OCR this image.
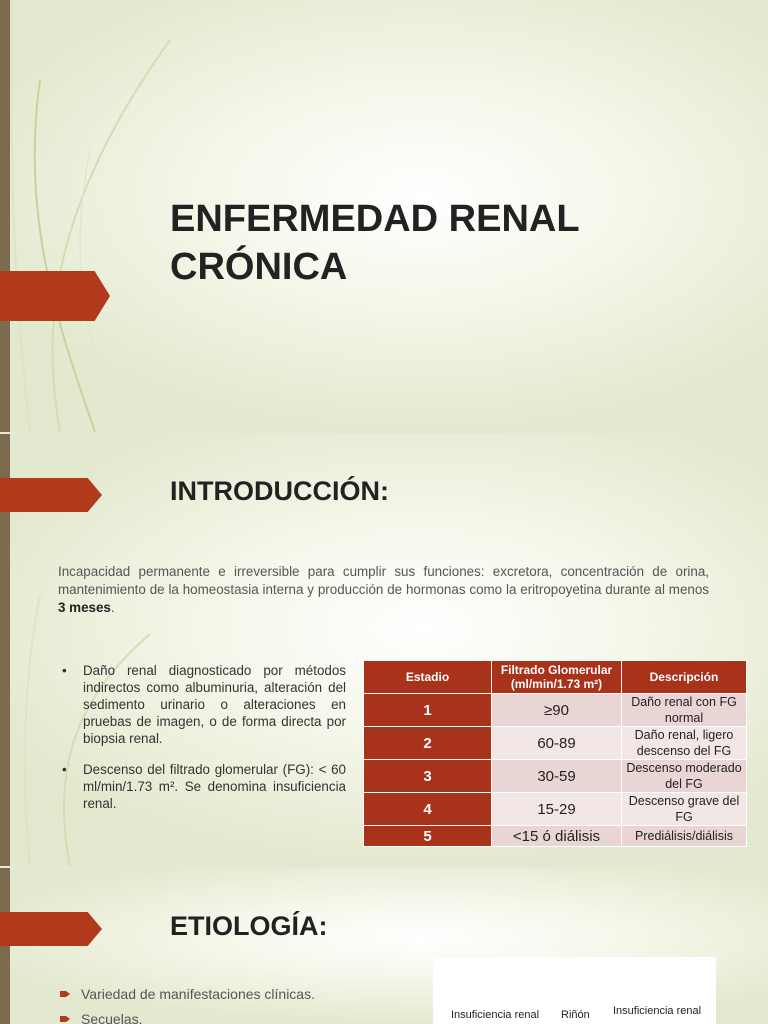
ENFERMEDAD RENAL
CRÓNICA
INTRODUCCIÓN:

Incapacidad permanente e irreversible para cumplir sus funciones: excretora, concentración de orina, mantenimiento de la homeostasia interna y producción de hormonas como la eritropoyetina durante al menos 3 meses.

• Daño renal diagnosticado por métodos indirectos como albuminuria, alteración del sedimento urinario o alteraciones en pruebas de imagen, o de forma directa por biopsia renal.
• Descenso del filtrado glomerular (FG): < 60 ml/min/1.73 m². Se denomina insuficiencia renal.
Estadio	Filtrado Glomerular (ml/min/1.73 m²)	Descripción
1	≥90	Daño renal con FG normal
2	60-89	Daño renal, ligero descenso del FG
3	30-59	Descenso moderado del FG
4	15-29	Descenso grave del FG
5	<15 ó diálisis	Prediálisis/diálisis
ETIOLOGÍA:
Variedad de manifestaciones clínicas.
Secuelas.	Insuficiencia renal Riñón Insuficiencia renal
